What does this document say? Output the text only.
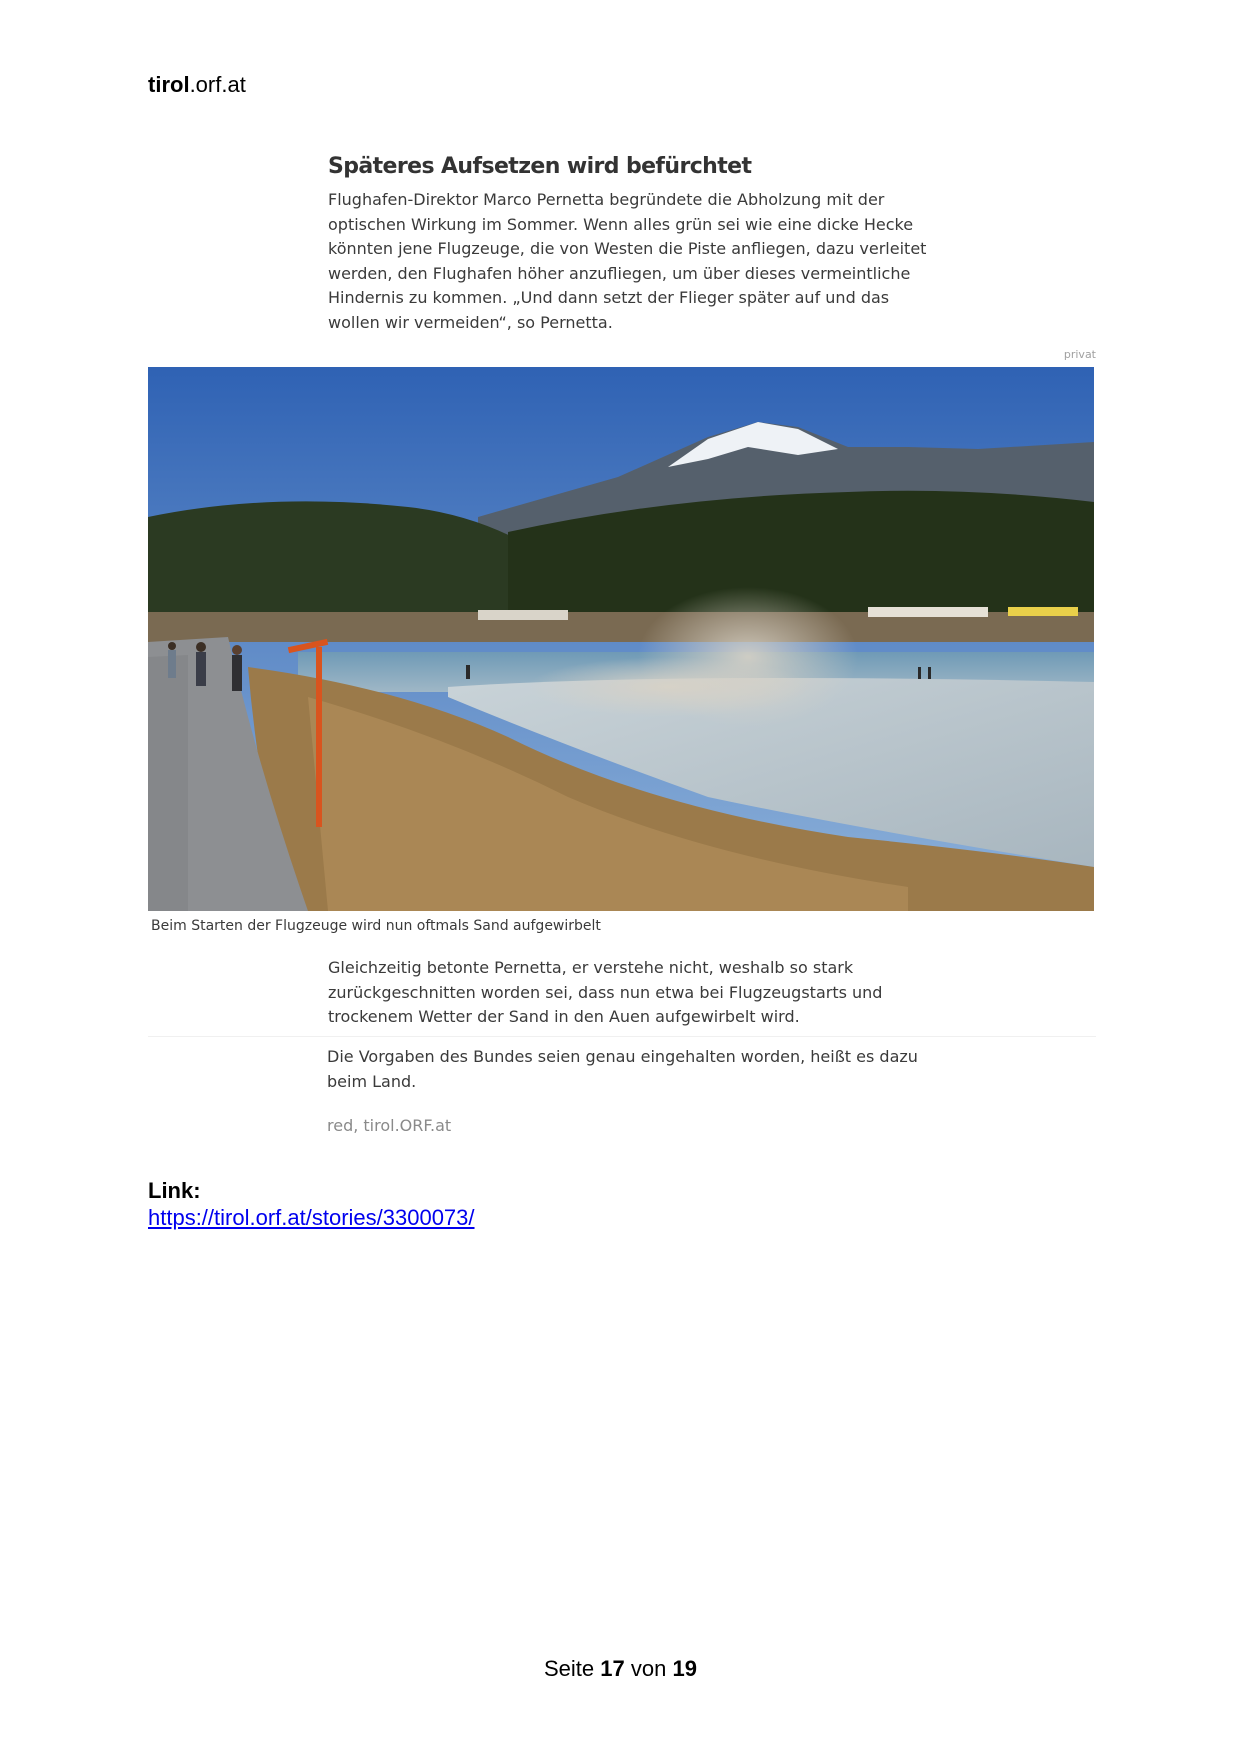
tirol.orf.at
Späteres Aufsetzen wird befürchtet

Flughafen-Direktor Marco Pernetta begründete die Abholzung mit der optischen Wirkung im Sommer. Wenn alles grün sei wie eine dicke Hecke könnten jene Flugzeuge, die von Westen die Piste anfliegen, dazu verleitet werden, den Flughafen höher anzufliegen, um über dieses vermeintliche Hindernis zu kommen. „Und dann setzt der Flieger später auf und das wollen wir vermeiden“, so Pernetta.

privat
Beim Starten der Flugzeuge wird nun oftmals Sand aufgewirbelt

Gleichzeitig betonte Pernetta, er verstehe nicht, weshalb so stark zurückgeschnitten worden sei, dass nun etwa bei Flugzeugstarts und trockenem Wetter der Sand in den Auen aufgewirbelt wird.

Die Vorgaben des Bundes seien genau eingehalten worden, heißt es dazu beim Land.

red, tirol.ORF.at
Link:
https://tirol.orf.at/stories/3300073/
Seite 17 von 19
